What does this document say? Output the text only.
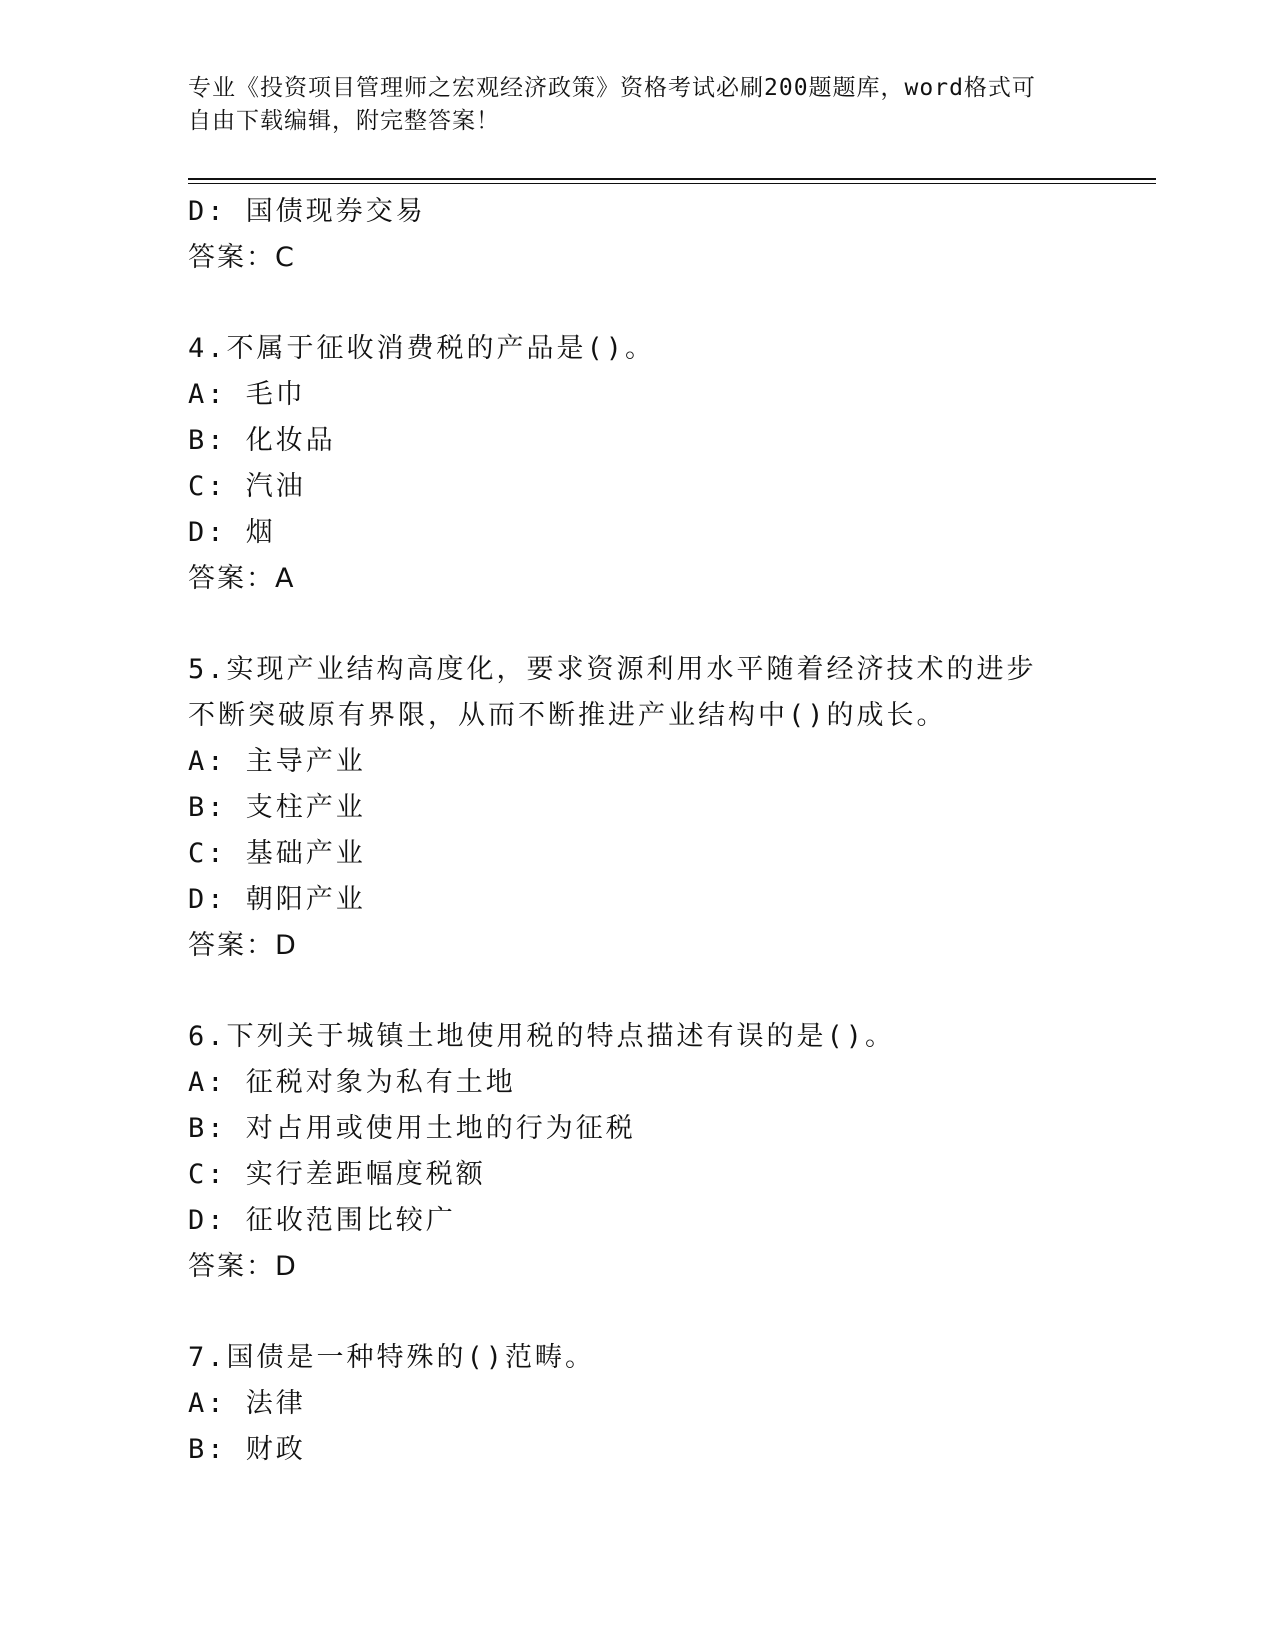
专业《投资项目管理师之宏观经济政策》资格考试必刷200题题库，word格式可
自由下载编辑，附完整答案！
D: 国债现券交易
答案：C
4.不属于征收消费税的产品是()。
A: 毛巾
B: 化妆品
C: 汽油
D: 烟
答案：A
5.实现产业结构高度化，要求资源利用水平随着经济技术的进步不断突破原有界限，从而不断推进产业结构中()的成长。
A: 主导产业
B: 支柱产业
C: 基础产业
D: 朝阳产业
答案：D
6.下列关于城镇土地使用税的特点描述有误的是()。
A: 征税对象为私有土地
B: 对占用或使用土地的行为征税
C: 实行差距幅度税额
D: 征收范围比较广
答案：D
7.国债是一种特殊的()范畴。
A: 法律
B: 财政
